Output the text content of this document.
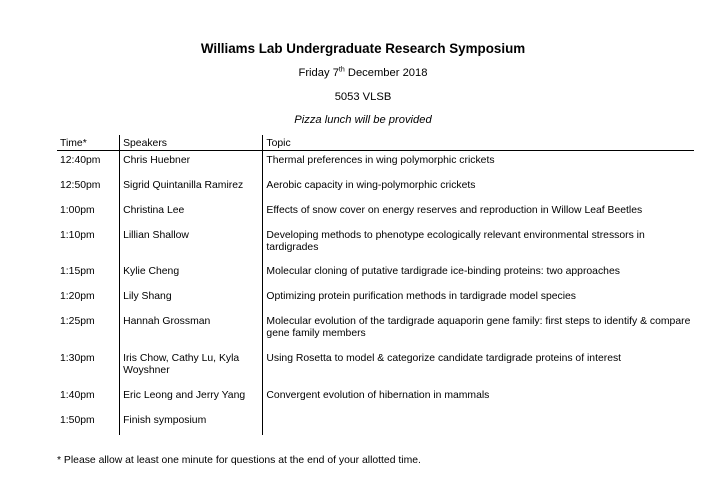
Williams Lab Undergraduate Research Symposium
Friday 7th December 2018
5053 VLSB
Pizza lunch will be provided
Time*	Speakers	Topic
12:40pm	Chris Huebner	Thermal preferences in wing polymorphic crickets
12:50pm	Sigrid Quintanilla Ramirez	Aerobic capacity in wing-polymorphic crickets
1:00pm	Christina Lee	Effects of snow cover on energy reserves and reproduction in Willow Leaf Beetles
1:10pm	Lillian Shallow	Developing methods to phenotype ecologically relevant environmental stressors in tardigrades
1:15pm	Kylie Cheng	Molecular cloning of putative tardigrade ice-binding proteins: two approaches
1:20pm	Lily Shang	Optimizing protein purification methods in tardigrade model species
1:25pm	Hannah Grossman	Molecular evolution of the tardigrade aquaporin gene family: first steps to identify & compare gene family members
1:30pm	Iris Chow, Cathy Lu, Kyla Woyshner	Using Rosetta to model & categorize candidate tardigrade proteins of interest
1:40pm	Eric Leong and Jerry Yang	Convergent evolution of hibernation in mammals
1:50pm	Finish symposium	
* Please allow at least one minute for questions at the end of your allotted time.
